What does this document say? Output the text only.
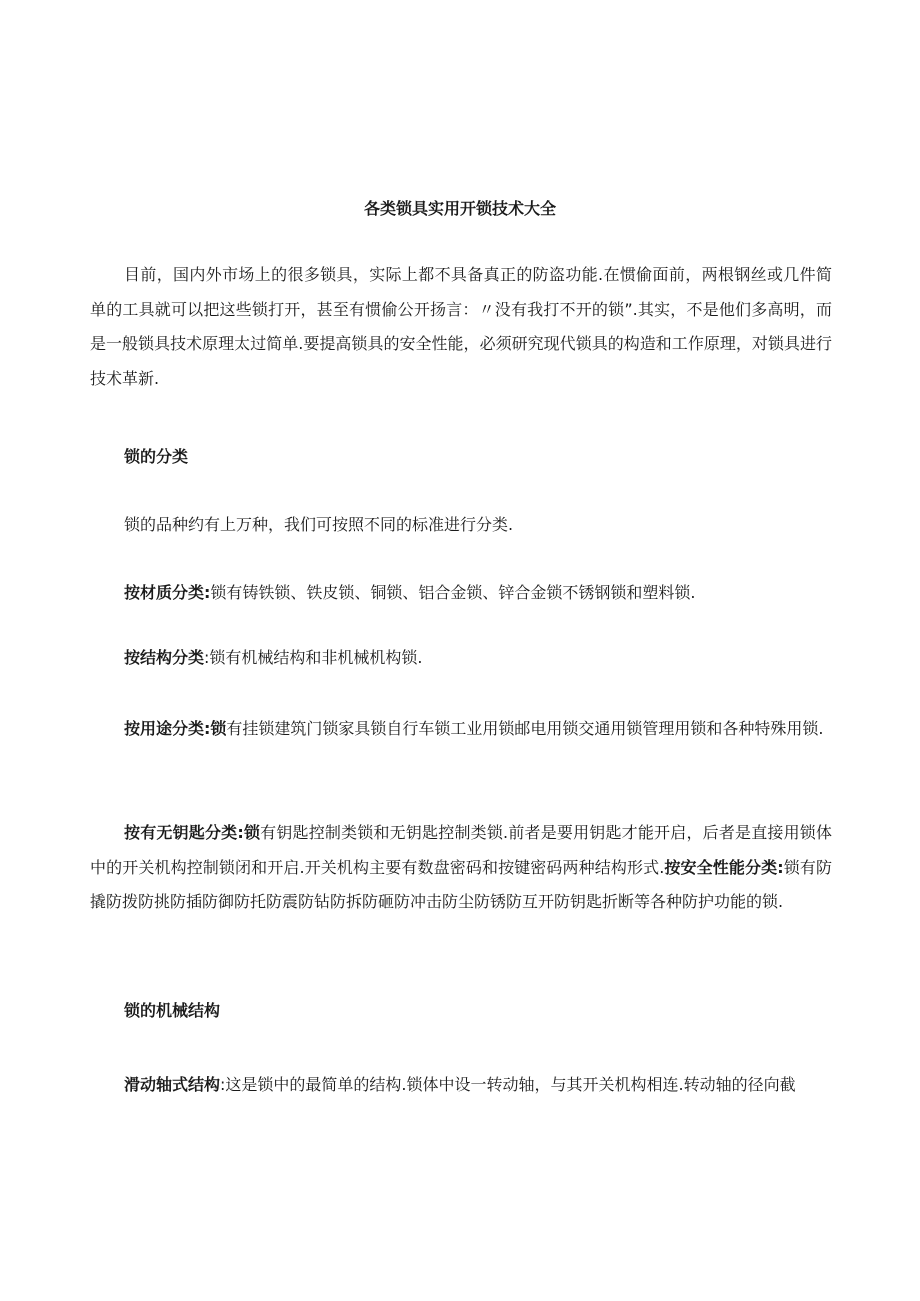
各类锁具实用开锁技术大全

目前，国内外市场上的很多锁具，实际上都不具备真正的防盗功能.在惯偷面前，两根钢丝或几件简单的工具就可以把这些锁打开，甚至有惯偷公开扬言：〃没有我打不开的锁”.其实，不是他们多高明，而是一般锁具技术原理太过简单.要提高锁具的安全性能，必须研究现代锁具的构造和工作原理，对锁具进行技术革新.

锁的分类
锁的品种约有上万种，我们可按照不同的标准进行分类.
按材质分类:锁有铸铁锁、铁皮锁、铜锁、铝合金锁、锌合金锁不锈钢锁和塑料锁.
按结构分类:锁有机械结构和非机械机构锁.

按用途分类:锁有挂锁建筑门锁家具锁自行车锁工业用锁邮电用锁交通用锁管理用锁和各种特殊用锁.

按有无钥匙分类:锁有钥匙控制类锁和无钥匙控制类锁.前者是要用钥匙才能开启，后者是直接用锁体中的开关机构控制锁闭和开启.开关机构主要有数盘密码和按键密码两种结构形式.按安全性能分类:锁有防撬防拨防挑防插防御防托防震防钻防拆防砸防冲击防尘防锈防互开防钥匙折断等各种防护功能的锁.

锁的机械结构
滑动轴式结构:这是锁中的最简单的结构.锁体中设一转动轴，与其开关机构相连.转动轴的径向截
